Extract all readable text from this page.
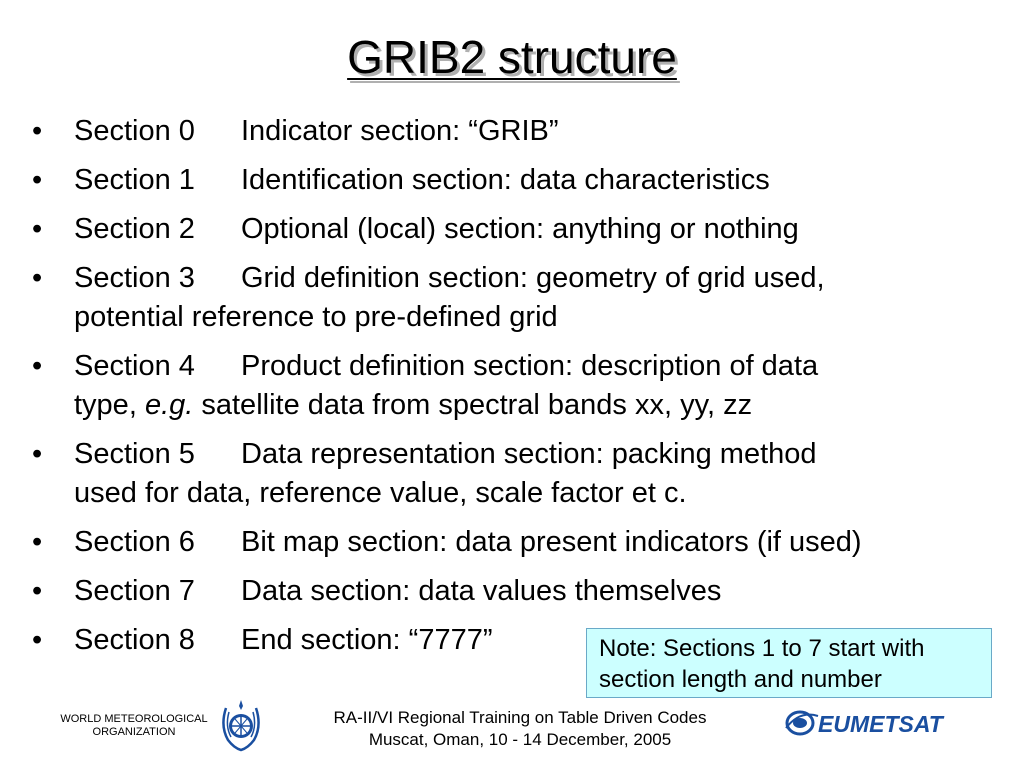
GRIB2 structure
• Section 0 Indicator section: “GRIB”
• Section 1 Identification section: data characteristics
• Section 2 Optional (local) section: anything or nothing
• Section 3 Grid definition section: geometry of grid used,
potential reference to pre-defined grid
• Section 4 Product definition section: description of data
type, e.g. satellite data from spectral bands xx, yy, zz
• Section 5 Data representation section: packing method
used for data, reference value, scale factor et c.
• Section 6 Bit map section: data present indicators (if used)
• Section 7 Data section: data values themselves
• Section 8 End section: “7777”	Note: Sections 1 to 7 start with
section length and number
WORLD METEOROLOGICAL
ORGANIZATION
RA-II/VI Regional Training on Table Driven Codes
Muscat, Oman, 10 - 14 December, 2005
EUMETSAT
